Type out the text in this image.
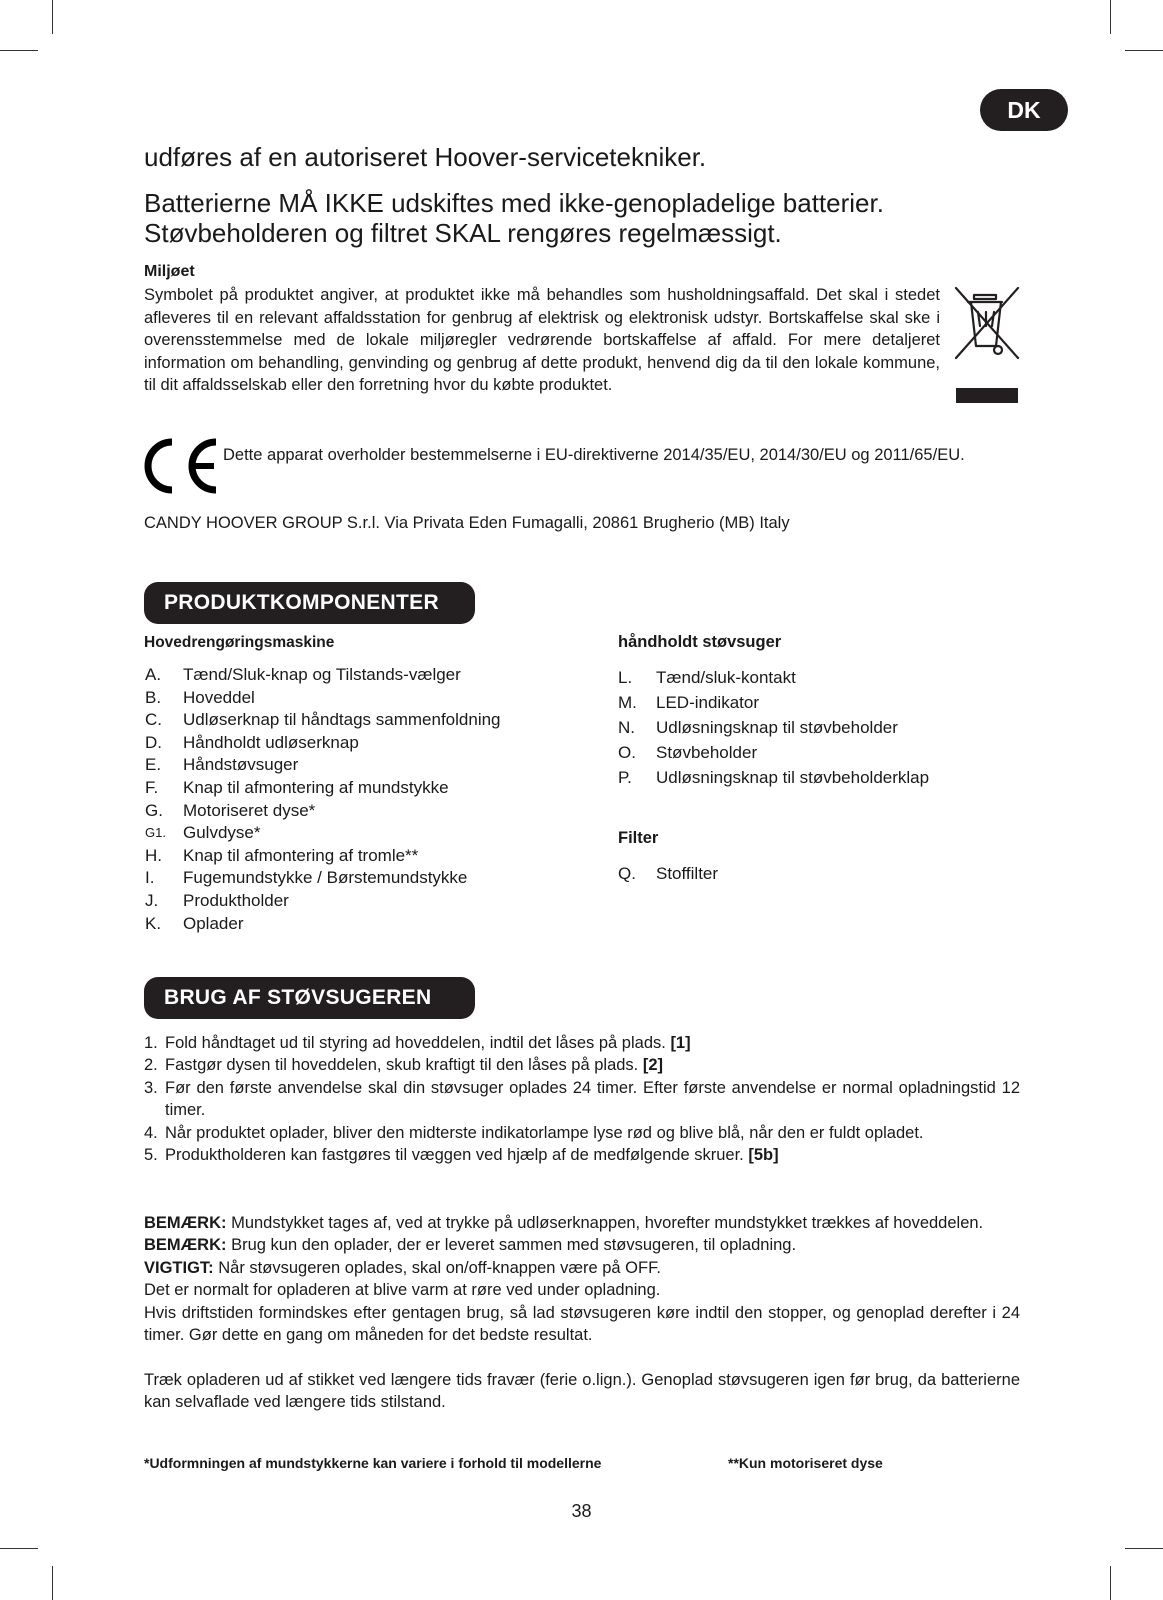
DK
udføres af en autoriseret Hoover-servicetekniker.
Batterierne MÅ IKKE udskiftes med ikke-genopladelige batterier.
Støvbeholderen og filtret SKAL rengøres regelmæssigt.
Miljøet
Symbolet på produktet angiver, at produktet ikke må behandles som husholdningsaffald. Det skal i stedet afleveres til en relevant affaldsstation for genbrug af elektrisk og elektronisk udstyr. Bortskaffelse skal ske i overensstemmelse med de lokale miljøregler vedrørende bortskaffelse af affald. For mere detaljeret information om behandling, genvinding og genbrug af dette produkt, henvend dig da til den lokale kommune, til dit affaldsselskab eller den forretning hvor du købte produktet.
Dette apparat overholder bestemmelserne i EU-direktiverne 2014/35/EU, 2014/30/EU og 2011/65/EU.
CANDY HOOVER GROUP S.r.l. Via Privata Eden Fumagalli, 20861 Brugherio (MB) Italy
PRODUKTKOMPONENTER
Hovedrengøringsmaskine
A. Tænd/Sluk-knap og Tilstands-vælger
B. Hoveddel
C. Udløserknap til håndtags sammenfoldning
D. Håndholdt udløserknap
E. Håndstøvsuger
F. Knap til afmontering af mundstykke
G. Motoriseret dyse*
G1. Gulvdyse*
H. Knap til afmontering af tromle**
I. Fugemundstykke / Børstemundstykke
J. Produktholder
K. Oplader
håndholdt støvsuger
L. Tænd/sluk-kontakt
M. LED-indikator
N. Udløsningsknap til støvbeholder
O. Støvbeholder
P. Udløsningsknap til støvbeholderklap
Filter
Q. Stoffilter
BRUG AF STØVSUGEREN
1. Fold håndtaget ud til styring ad hoveddelen, indtil det låses på plads. [1]
2. Fastgør dysen til hoveddelen, skub kraftigt til den låses på plads. [2]
3. Før den første anvendelse skal din støvsuger oplades 24 timer. Efter første anvendelse er normal opladningstid 12 timer.
4. Når produktet oplader, bliver den midterste indikatorlampe lyse rød og blive blå, når den er fuldt opladet.
5. Produktholderen kan fastgøres til væggen ved hjælp af de medfølgende skruer. [5b]

BEMÆRK: Mundstykket tages af, ved at trykke på udløserknappen, hvorefter mundstykket trækkes af hoveddelen.

BEMÆRK: Brug kun den oplader, der er leveret sammen med støvsugeren, til opladning.

VIGTIGT: Når støvsugeren oplades, skal on/off-knappen være på OFF.

Det er normalt for opladeren at blive varm at røre ved under opladning.

Hvis driftstiden formindskes efter gentagen brug, så lad støvsugeren køre indtil den stopper, og genoplad derefter i 24 timer. Gør dette en gang om måneden for det bedste resultat.

Træk opladeren ud af stikket ved længere tids fravær (ferie o.lign.). Genoplad støvsugeren igen før brug, da batterierne kan selvaflade ved længere tids stilstand.

*Udformningen af mundstykkerne kan variere i forhold til modellerne	**Kun motoriseret dyse
38
